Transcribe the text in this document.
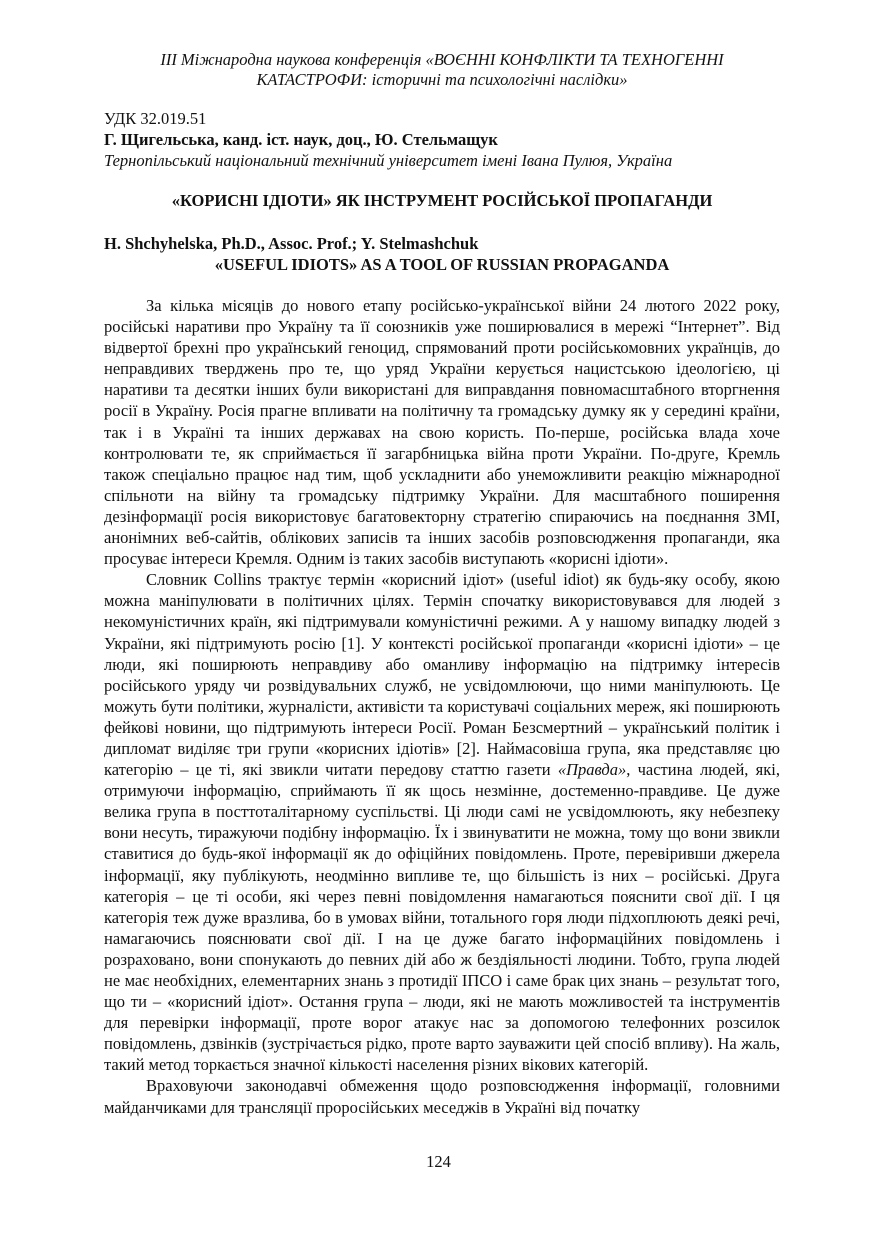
ІІІ Міжнародна наукова конференція «ВОЄННІ КОНФЛІКТИ ТА ТЕХНОГЕННІ КАТАСТРОФИ: історичні та психологічні наслідки»

УДК 32.019.51

Г. Щигельська, канд. іст. наук, доц., Ю. Стельмащук

Тернопільський національний технічний університет імені Івана Пулюя, Україна

«КОРИСНІ ІДІОТИ» ЯК ІНСТРУМЕНТ РОСІЙСЬКОЇ ПРОПАГАНДИ

H. Shchyhelska, Ph.D., Assoc. Prof.; Y. Stelmashchuk

«USEFUL IDIOTS» AS A TOOL OF RUSSIAN PROPAGANDA

За кілька місяців до нового етапу російсько-української війни 24 лютого 2022 року, російські наративи про Україну та її союзників уже поширювалися в мережі “Інтернет”. Від відвертої брехні про український геноцид, спрямований проти російськомовних українців, до неправдивих тверджень про те, що уряд України керується нацистською ідеологією, ці наративи та десятки інших були використані для виправдання повномасштабного вторгнення росії в Україну. Росія прагне впливати на політичну та громадську думку як у середині країни, так і в Україні та інших державах на свою користь. По-перше, російська влада хоче контролювати те, як сприймається її загарбницька війна проти України. По-друге, Кремль також спеціально працює над тим, щоб ускладнити або унеможливити реакцію міжнародної спільноти на війну та громадську підтримку України. Для масштабного поширення дезінформації росія використовує багатовекторну стратегію спираючись на поєднання ЗМІ, анонімних веб-сайтів, облікових записів та інших засобів розповсюдження пропаганди, яка просуває інтереси Кремля. Одним із таких засобів виступають «корисні ідіоти».

Словник Collins трактує термін «корисний ідіот» (useful idiot) як будь-яку особу, якою можна маніпулювати в політичних цілях. Термін спочатку використовувався для людей з некомуністичних країн, які підтримували комуністичні режими. А у нашому випадку людей з України, які підтримують росію [1]. У контексті російської пропаганди «корисні ідіоти» – це люди, які поширюють неправдиву або оманливу інформацію на підтримку інтересів російського уряду чи розвідувальних служб, не усвідомлюючи, що ними маніпулюють. Це можуть бути політики, журналісти, активісти та користувачі соціальних мереж, які поширюють фейкові новини, що підтримують інтереси Росії. Роман Безсмертний – український політик і дипломат виділяє три групи «корисних ідіотів» [2]. Наймасовіша група, яка представляє цю категорію – це ті, які звикли читати передову статтю газети «Правда», частина людей, які, отримуючи інформацію, сприймають її як щось незмінне, достеменно-правдиве. Це дуже велика група в посттоталітарному суспільстві. Ці люди самі не усвідомлюють, яку небезпеку вони несуть, тиражуючи подібну інформацію. Їх і звинуватити не можна, тому що вони звикли ставитися до будь-якої інформації як до офіційних повідомлень. Проте, перевіривши джерела інформації, яку публікують, неодмінно випливе те, що більшість із них – російські. Друга категорія – це ті особи, які через певні повідомлення намагаються пояснити свої дії. І ця категорія теж дуже вразлива, бо в умовах війни, тотального горя люди підхоплюють деякі речі, намагаючись пояснювати свої дії. І на це дуже багато інформаційних повідомлень і розраховано, вони спонукають до певних дій або ж бездіяльності людини. Тобто, група людей не має необхідних, елементарних знань з протидії ІПСО і саме брак цих знань – результат того, що ти – «корисний ідіот». Остання група – люди, які не мають можливостей та інструментів для перевірки інформації, проте ворог атакує нас за допомогою телефонних розсилок повідомлень, дзвінків (зустрічається рідко, проте варто зауважити цей спосіб впливу). На жаль, такий метод торкається значної кількості населення різних вікових категорій.

Враховуючи законодавчі обмеження щодо розповсюдження інформації, головними майданчиками для трансляції проросійських меседжів в Україні від початку

124
